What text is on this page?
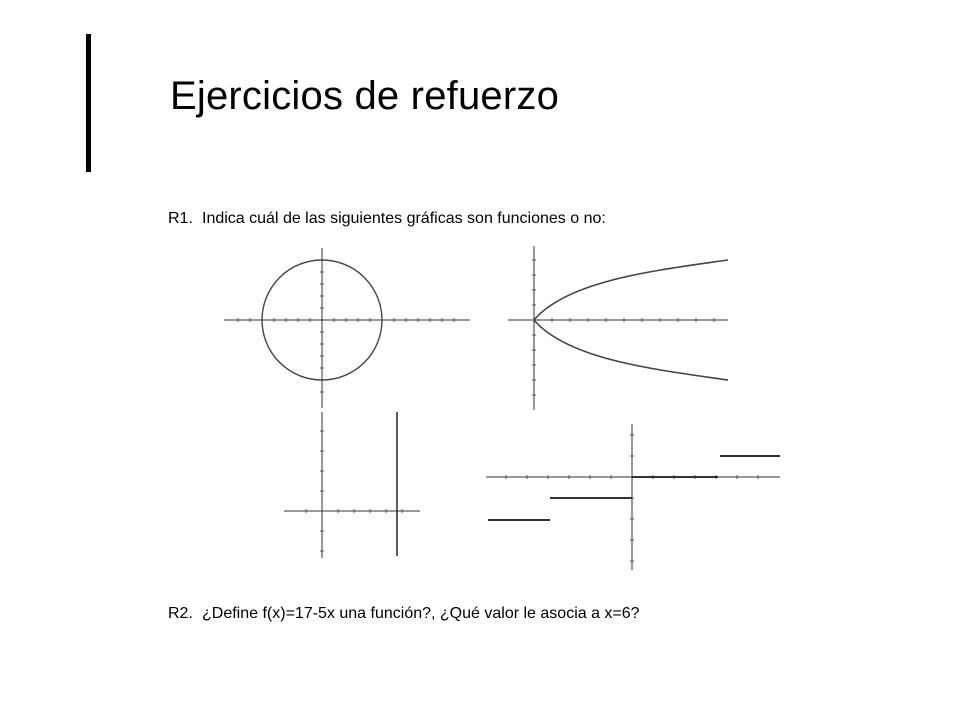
Ejercicios de refuerzo
R1. Indica cuál de las siguientes gráficas son funciones o no:
R2. ¿Define f(x)=17-5x una función?, ¿Qué valor le asocia a x=6?
